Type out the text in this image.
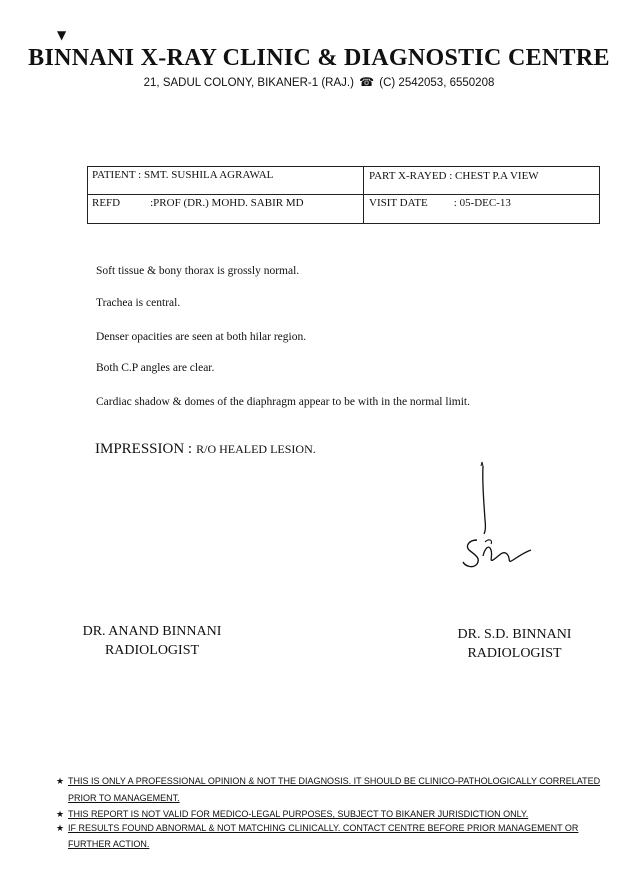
▼
BINNANI X-RAY CLINIC & DIAGNOSTIC CENTRE
21, SADUL COLONY, BIKANER-1 (RAJ.) ☎ (C) 2542053, 6550208
PATIENT : SMT. SUSHILA AGRAWAL
REFD	:PROF (DR.) MOHD. SABIR MD
PART X-RAYED : CHEST P.A VIEW
VISIT DATE : 05-DEC-13
Soft tissue & bony thorax is grossly normal.
Trachea is central.
Denser opacities are seen at both hilar region.
Both C.P angles are clear.
Cardiac shadow & domes of the diaphragm appear to be with in the normal limit.
IMPRESSION : R/O HEALED LESION.
DR. ANAND BINNANI
RADIOLOGIST
DR. S.D. BINNANI
RADIOLOGIST
★ THIS IS ONLY A PROFESSIONAL OPINION & NOT THE DIAGNOSIS. IT SHOULD BE CLINICO-PATHOLOGICALLY CORRELATED
PRIOR TO MANAGEMENT.
★ THIS REPORT IS NOT VALID FOR MEDICO-LEGAL PURPOSES, SUBJECT TO BIKANER JURISDICTION ONLY.
★ IF RESULTS FOUND ABNORMAL & NOT MATCHING CLINICALLY. CONTACT CENTRE BEFORE PRIOR MANAGEMENT OR
FURTHER ACTION.
